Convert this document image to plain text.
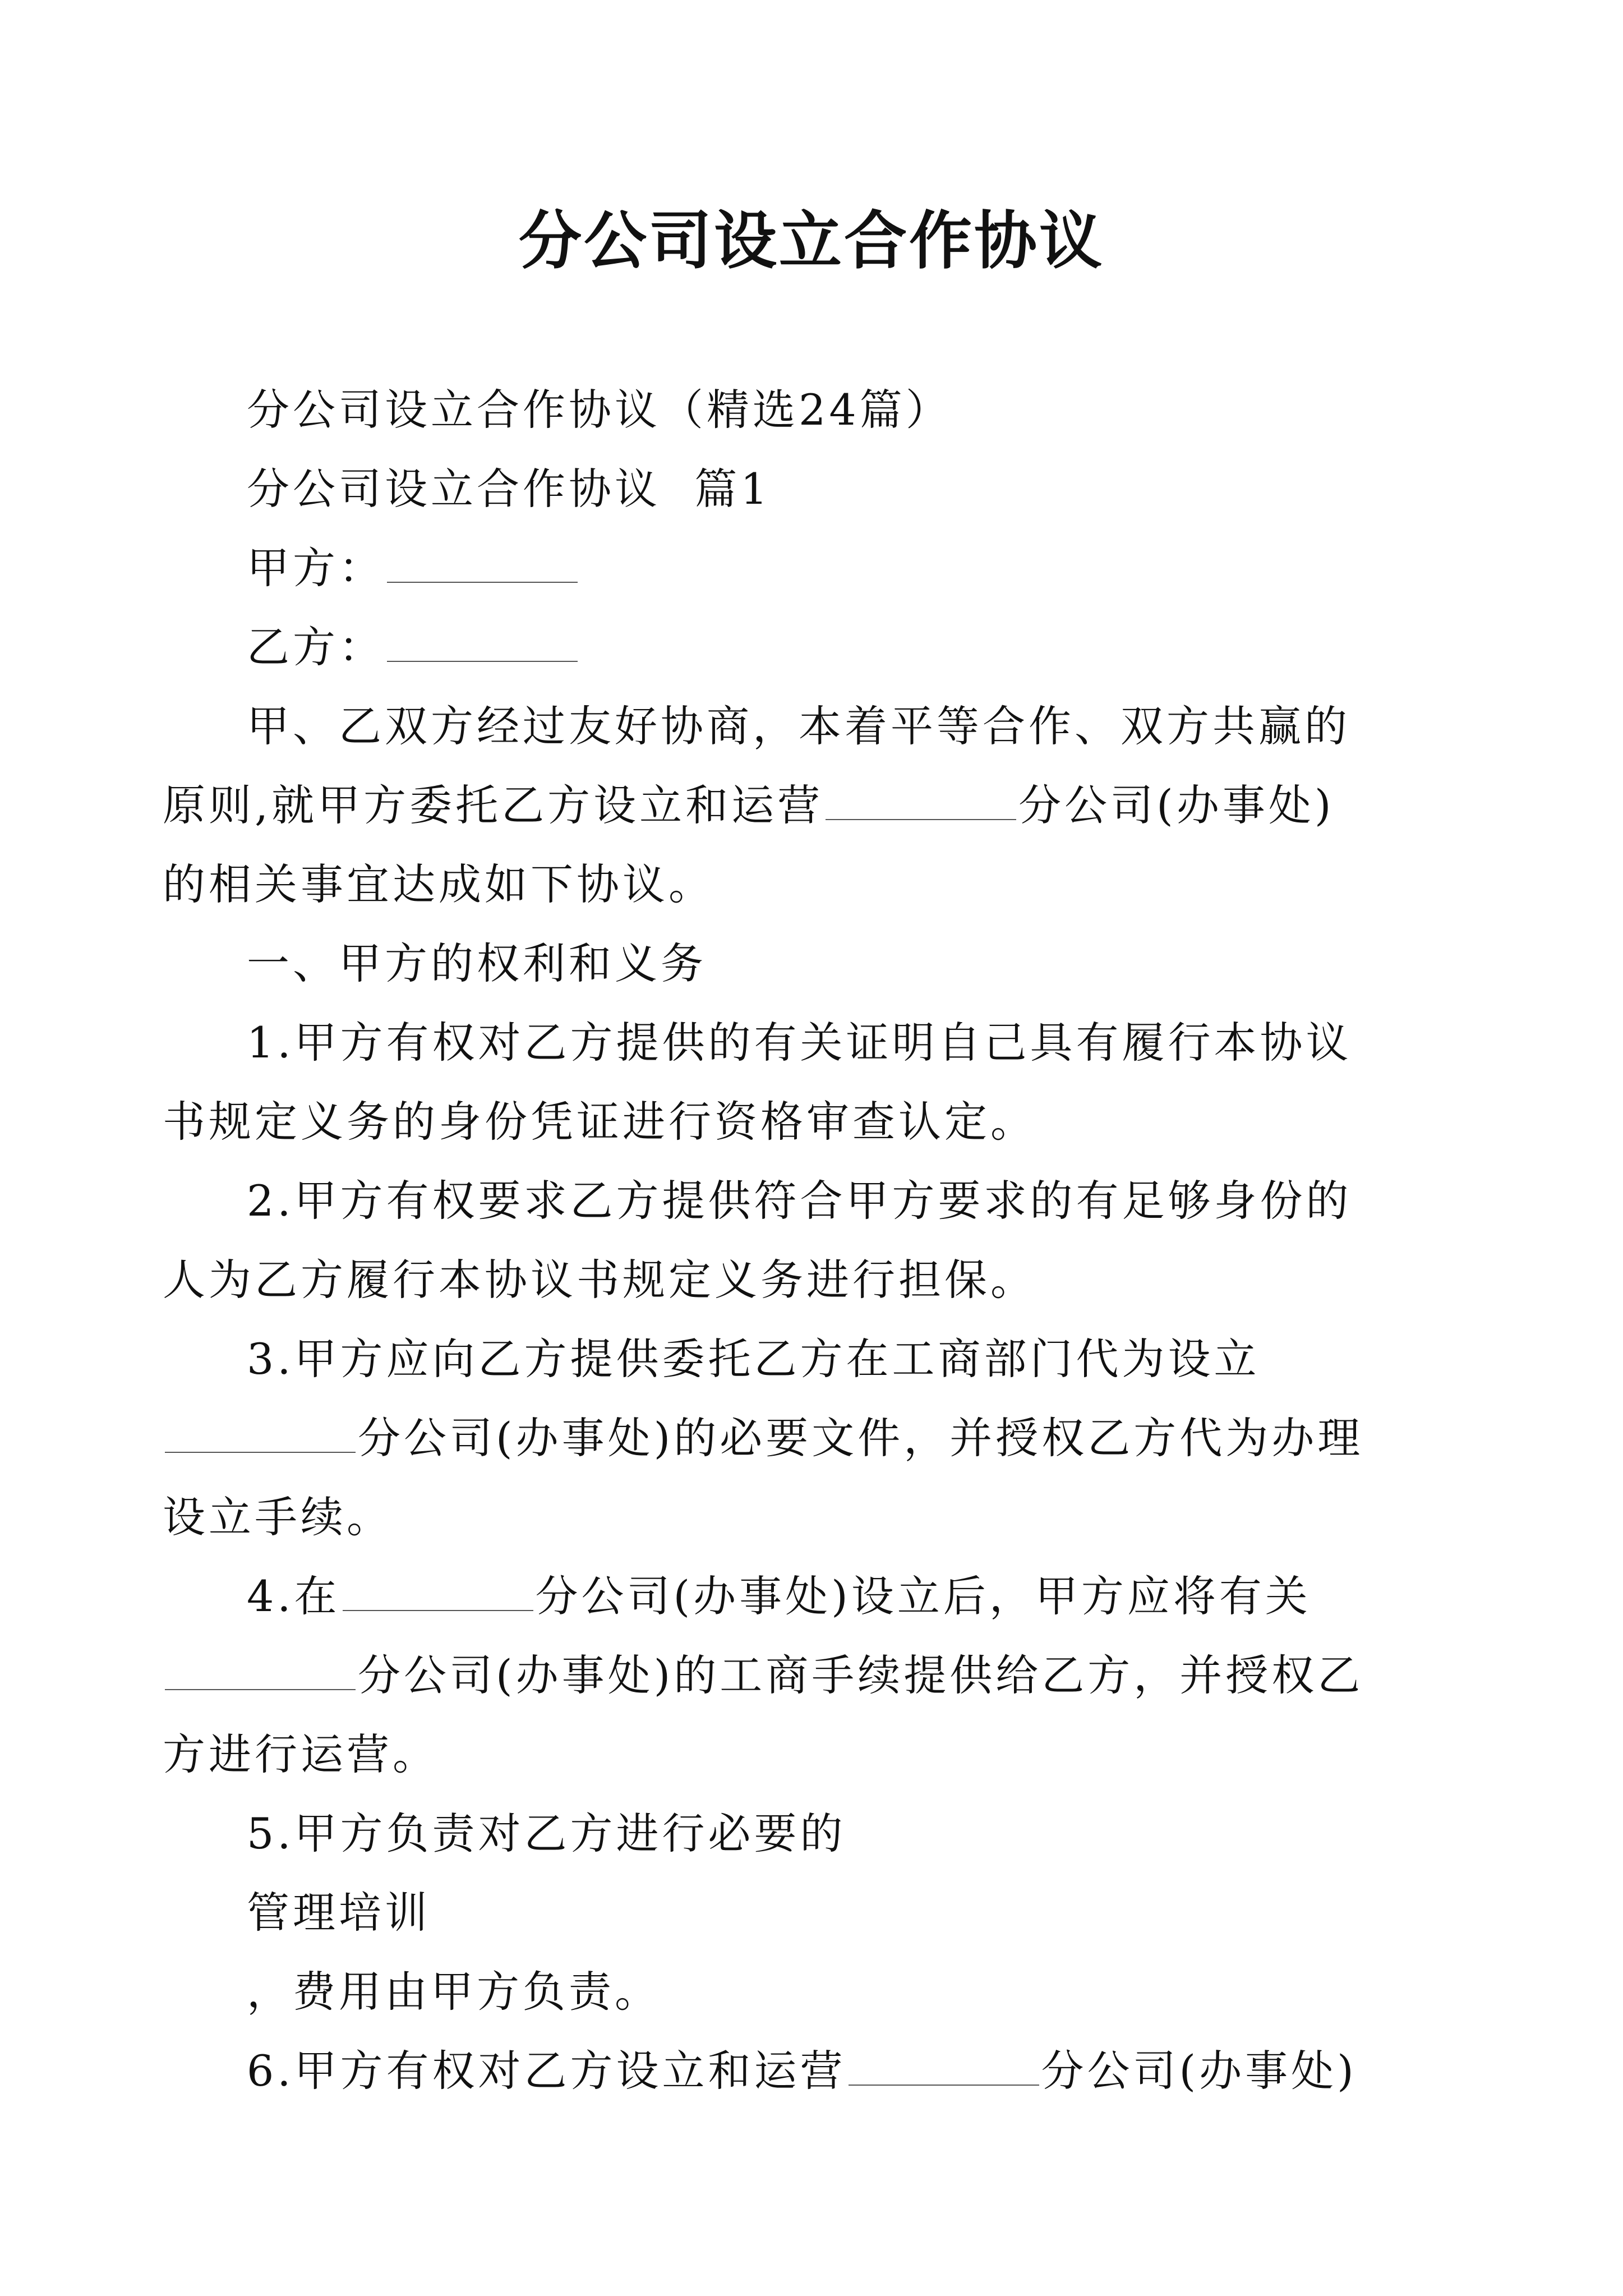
分公司设立合作协议

分公司设立合作协议（精选24篇）

分公司设立合作协议  篇1

甲方：

乙方：

甲、乙双方经过友好协商，本着平等合作、双方共赢的原则,就甲方委托乙方设立和运营	分公司(办事处)的相关事宜达成如下协议。

一、甲方的权利和义务

1.甲方有权对乙方提供的有关证明自己具有履行本协议书规定义务的身份凭证进行资格审查认定。

2.甲方有权要求乙方提供符合甲方要求的有足够身份的人为乙方履行本协议书规定义务进行担保。

3.甲方应向乙方提供委托乙方在工商部门代为设立分公司(办事处)的必要文件，并授权乙方代为办理设立手续。

4.在	分公司(办事处)设立后，甲方应将有关分公司(办事处)的工商手续提供给乙方，并授权乙方进行运营。

5.甲方负责对乙方进行必要的

管理培训

，费用由甲方负责。

6.甲方有权对乙方设立和运营	分公司(办事处)
